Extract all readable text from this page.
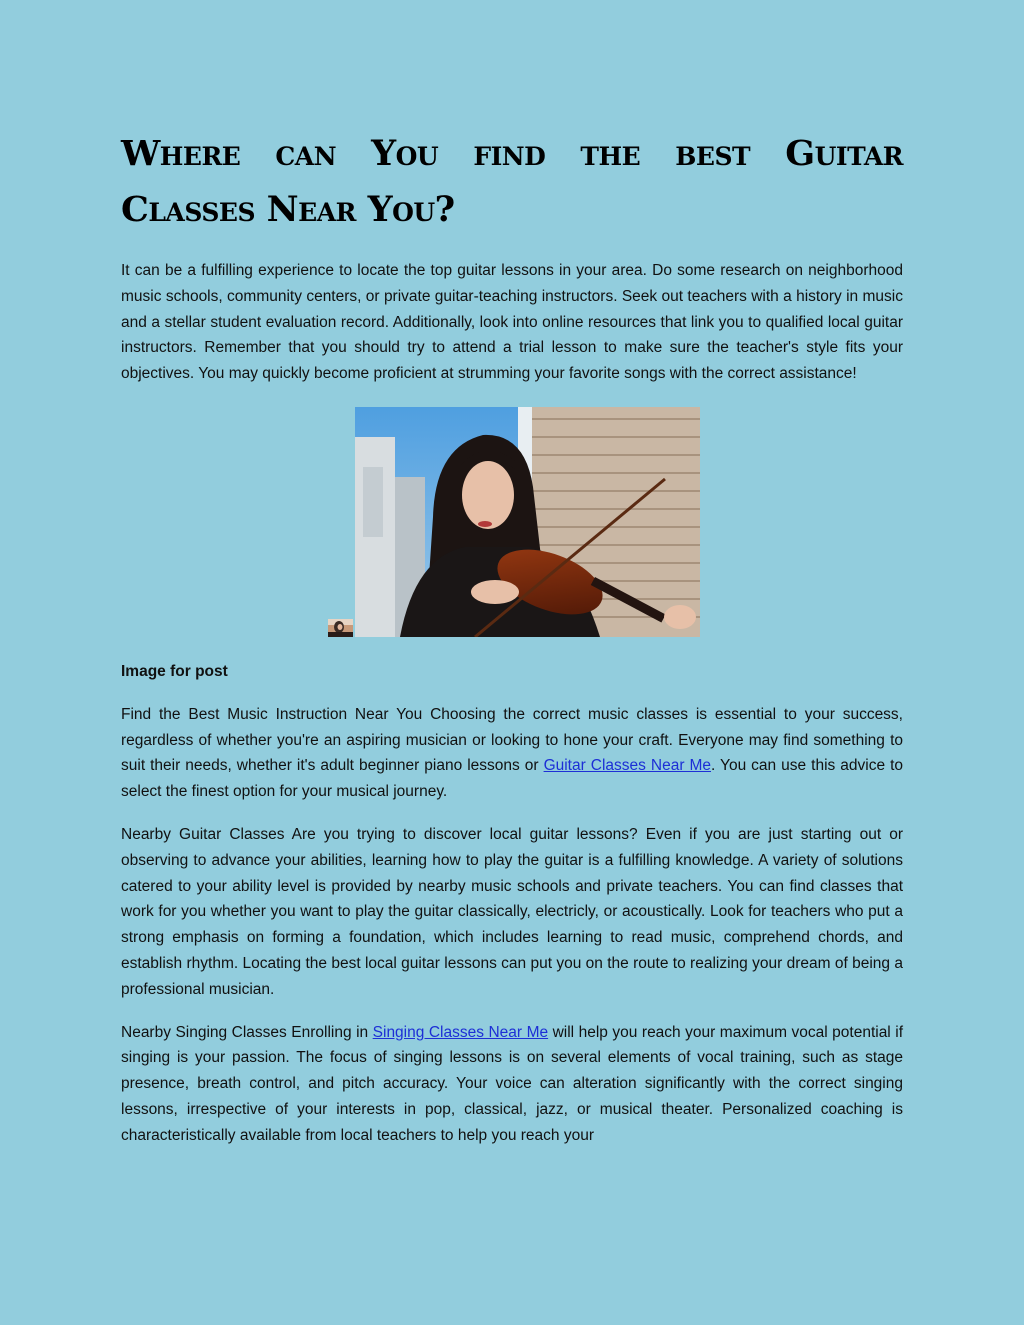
Where can You find the best Guitar Classes Near You?

It can be a fulfilling experience to locate the top guitar lessons in your area. Do some research on neighborhood music schools, community centers, or private guitar-teaching instructors. Seek out teachers with a history in music and a stellar student evaluation record. Additionally, look into online resources that link you to qualified local guitar instructors. Remember that you should try to attend a trial lesson to make sure the teacher's style fits your objectives. You may quickly become proficient at strumming your favorite songs with the correct assistance!

Image for post

Find the Best Music Instruction Near You Choosing the correct music classes is essential to your success, regardless of whether you're an aspiring musician or looking to hone your craft. Everyone may find something to suit their needs, whether it's adult beginner piano lessons or Guitar Classes Near Me. You can use this advice to select the finest option for your musical journey.

Nearby Guitar Classes Are you trying to discover local guitar lessons? Even if you are just starting out or observing to advance your abilities, learning how to play the guitar is a fulfilling knowledge. A variety of solutions catered to your ability level is provided by nearby music schools and private teachers. You can find classes that work for you whether you want to play the guitar classically, electricly, or acoustically. Look for teachers who put a strong emphasis on forming a foundation, which includes learning to read music, comprehend chords, and establish rhythm. Locating the best local guitar lessons can put you on the route to realizing your dream of being a professional musician.

Nearby Singing Classes Enrolling in Singing Classes Near Me will help you reach your maximum vocal potential if singing is your passion. The focus of singing lessons is on several elements of vocal training, such as stage presence, breath control, and pitch accuracy. Your voice can alteration significantly with the correct singing lessons, irrespective of your interests in pop, classical, jazz, or musical theater. Personalized coaching is characteristically available from local teachers to help you reach your
